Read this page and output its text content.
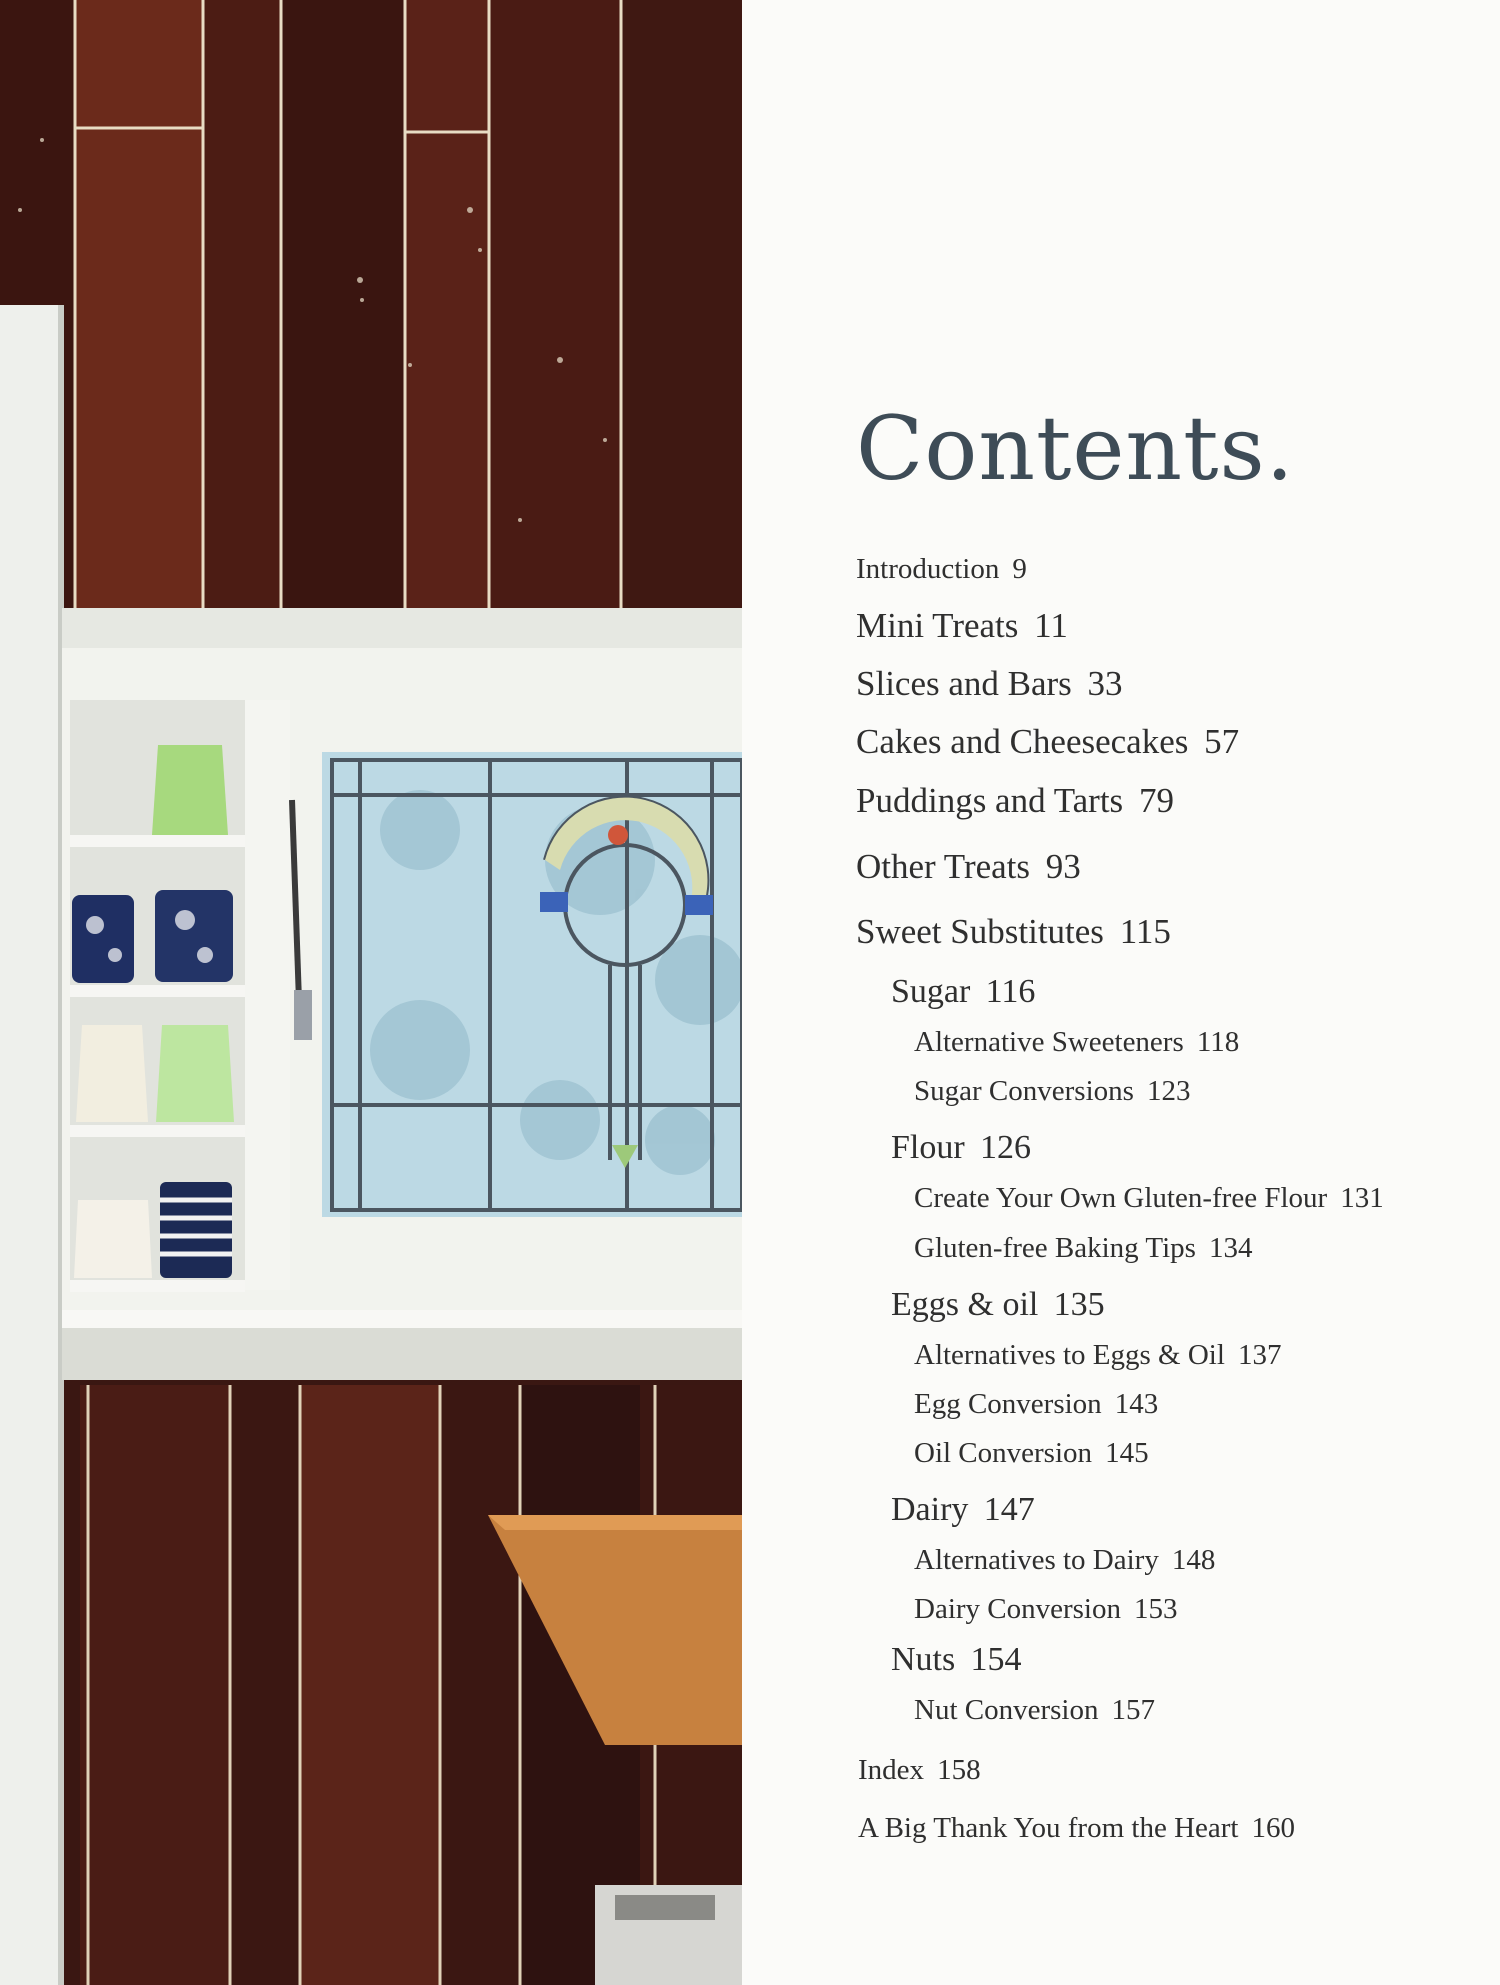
Contents.
Introduction 9
Mini Treats 11
Slices and Bars 33
Cakes and Cheesecakes 57
Puddings and Tarts 79
Other Treats 93
Sweet Substitutes 115
Sugar 116
Alternative Sweeteners 118
Sugar Conversions 123
Flour 126
Create Your Own Gluten-free Flour 131
Gluten-free Baking Tips 134
Eggs & oil 135
Alternatives to Eggs & Oil 137
Egg Conversion 143
Oil Conversion 145
Dairy 147
Alternatives to Dairy 148
Dairy Conversion 153
Nuts 154
Nut Conversion 157
Index 158
A Big Thank You from the Heart 160
